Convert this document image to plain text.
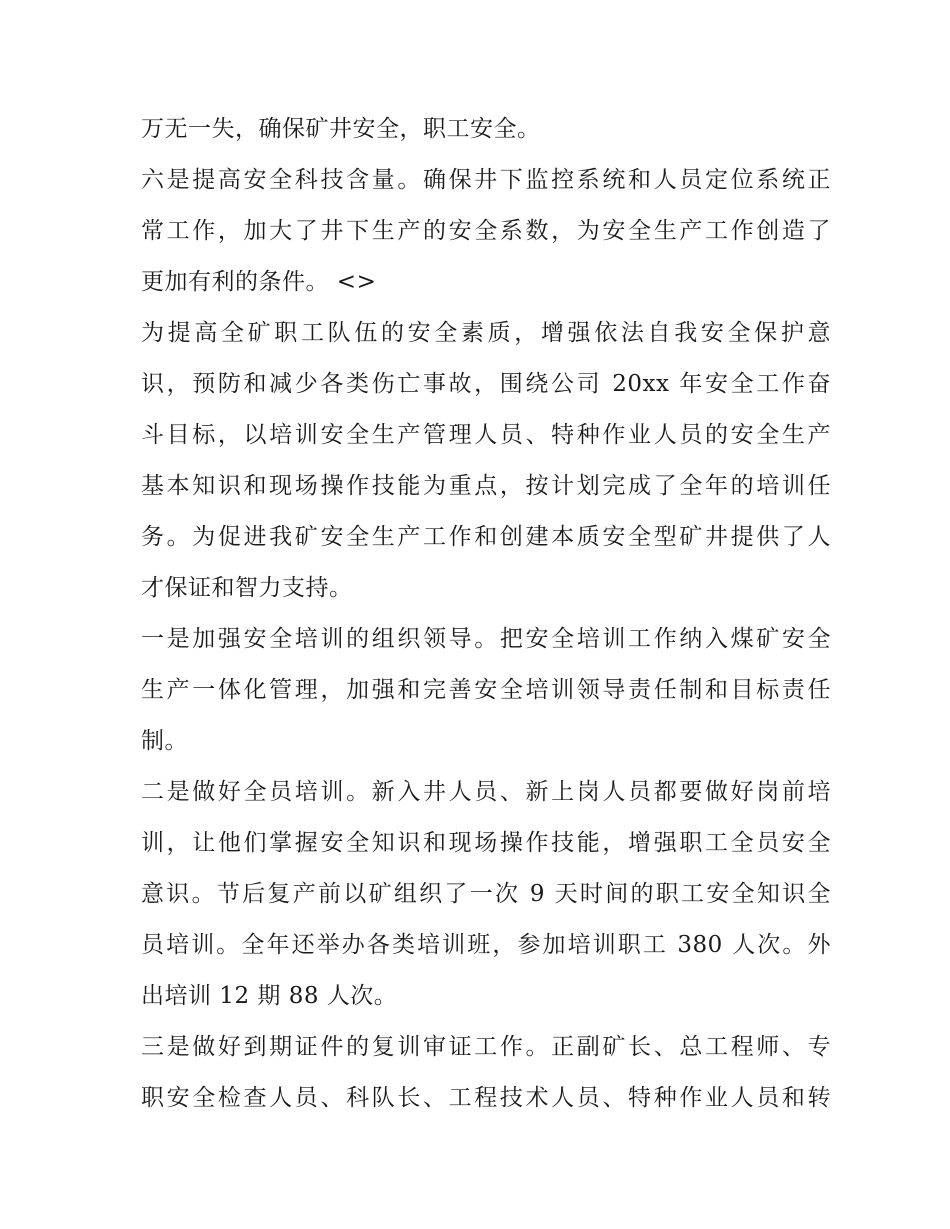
万无一失，确保矿井安全，职工安全。
六是提高安全科技含量。确保井下监控系统和人员定位系统正
常工作，加大了井下生产的安全系数，为安全生产工作创造了
更加有利的条件。 <>
为提高全矿职工队伍的安全素质，增强依法自我安全保护意
识，预防和减少各类伤亡事故，围绕公司 20xx 年安全工作奋
斗目标，以培训安全生产管理人员、特种作业人员的安全生产
基本知识和现场操作技能为重点，按计划完成了全年的培训任
务。为促进我矿安全生产工作和创建本质安全型矿井提供了人
才保证和智力支持。
一是加强安全培训的组织领导。把安全培训工作纳入煤矿安全
生产一体化管理，加强和完善安全培训领导责任制和目标责任
制。
二是做好全员培训。新入井人员、新上岗人员都要做好岗前培
训，让他们掌握安全知识和现场操作技能，增强职工全员安全
意识。节后复产前以矿组织了一次 9 天时间的职工安全知识全
员培训。全年还举办各类培训班，参加培训职工 380 人次。外
出培训 12 期 88 人次。
三是做好到期证件的复训审证工作。正副矿长、总工程师、专
职安全检查人员、科队长、工程技术人员、特种作业人员和转
